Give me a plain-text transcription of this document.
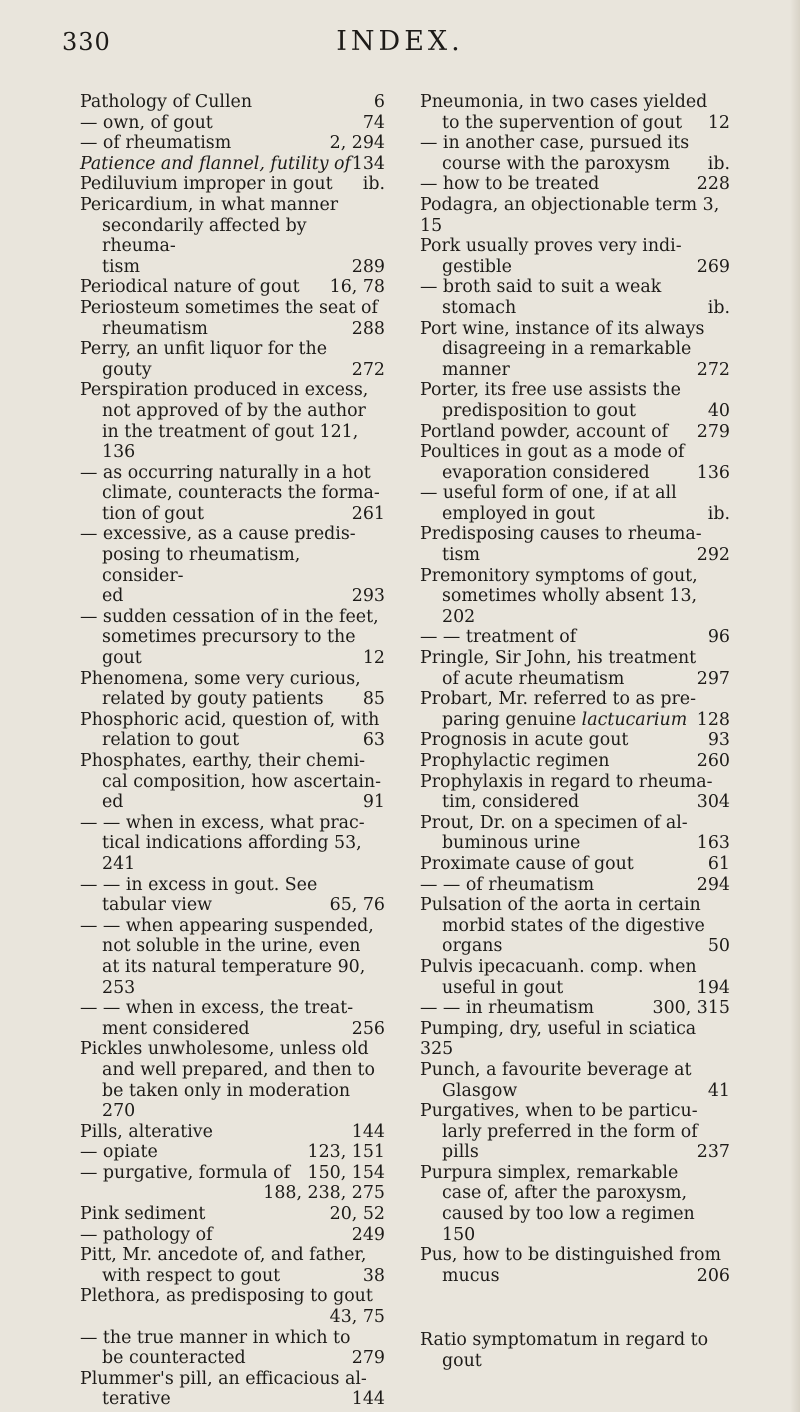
330	INDEX.
Pathology of Cullen	6
— own, of gout	74
— of rheumatism	2, 294
Patience and flannel, futility of 134
Pediluvium improper in gout	ib.
Pericardium, in what manner
secondarily affected by rheuma-
tism	289
Periodical nature of gout	16, 78
Periosteum sometimes the seat of
rheumatism	288
Perry, an unfit liquor for the
gouty	272
Perspiration produced in excess,
not approved of by the author
in the treatment of gout 121, 136
— as occurring naturally in a hot
climate, counteracts the forma-
tion of gout	261
— excessive, as a cause predis-
posing to rheumatism, consider-
ed	293
— sudden cessation of in the feet,
sometimes precursory to the
gout	12
Phenomena, some very curious,
related by gouty patients	85
Phosphoric acid, question of, with
relation to gout	63
Phosphates, earthy, their chemi-
cal composition, how ascertain-
ed	91
— — when in excess, what prac-
tical indications affording 53, 241
— — in excess in gout. See
tabular view	65, 76
— — when appearing suspended,
not soluble in the urine, even
at its natural temperature 90, 253
— — when in excess, the treat-
ment considered	256
Pickles unwholesome, unless old
and well prepared, and then to
be taken only in moderation 270
Pills, alterative	144
— opiate	123, 151
— purgative, formula of	150, 154

188, 238, 275
Pink sediment	20, 52
— pathology of	249
Pitt, Mr. ancedote of, and father,
with respect to gout	38
Plethora, as predisposing to gout

43, 75
— the true manner in which to
be counteracted	279
Plummer's pill, an efficacious al-
terative	144
Pneumonia, in two cases yielded
to the supervention of gout	12
— in another case, pursued its
course with the paroxysm	ib.
— how to be treated	228
Podagra, an objectionable term 3, 15
Pork usually proves very indi-
gestible	269
— broth said to suit a weak
stomach	ib.
Port wine, instance of its always
disagreeing in a remarkable
manner	272
Porter, its free use assists the
predisposition to gout	40
Portland powder, account of	279
Poultices in gout as a mode of
evaporation considered	136
— useful form of one, if at all
employed in gout	ib.
Predisposing causes to rheuma-
tism	292
Premonitory symptoms of gout,
sometimes wholly absent 13, 202
— — treatment of	96
Pringle, Sir John, his treatment
of acute rheumatism	297
Probart, Mr. referred to as pre-
paring genuine lactucarium 128
Prognosis in acute gout	93
Prophylactic regimen	260
Prophylaxis in regard to rheuma-
tim, considered	304
Prout, Dr. on a specimen of al-
buminous urine	163
Proximate cause of gout	61
— — of rheumatism	294
Pulsation of the aorta in certain
morbid states of the digestive
organs	50
Pulvis ipecacuanh. comp. when
useful in gout	194
— — in rheumatism	300, 315
Pumping, dry, useful in sciatica 325
Punch, a favourite beverage at
Glasgow	41
Purgatives, when to be particu-
larly preferred in the form of
pills	237
Purpura simplex, remarkable
case of, after the paroxysm,
caused by too low a regimen 150
Pus, how to be distinguished from
mucus	206
Ratio symptomatum in regard to
gout
